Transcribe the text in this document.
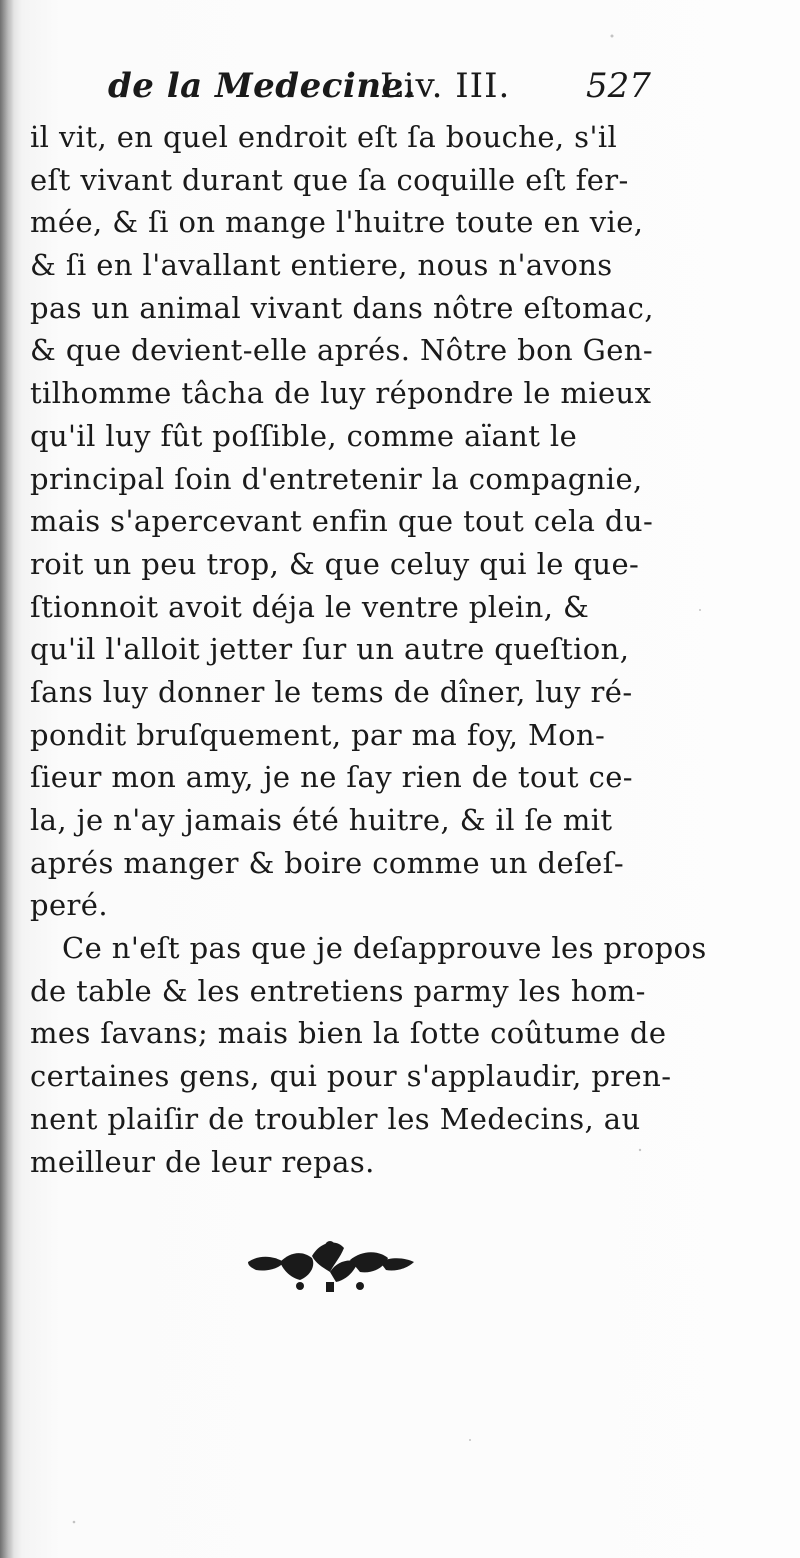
de la Medecine.
Liv. III. 527
il vit, en quel endroit eſt ſa bouche, s'il
eſt vivant durant que ſa coquille eſt fer-
mée, & ſi on mange l'huitre toute en vie,
& ſi en l'avallant entiere, nous n'avons
pas un animal vivant dans nôtre eſtomac,
& que devient-elle aprés. Nôtre bon Gen-
tilhomme tâcha de luy répondre le mieux
qu'il luy fût poſſible, comme aïant le
principal ſoin d'entretenir la compagnie,
mais s'apercevant enfin que tout cela du-
roit un peu trop, & que celuy qui le que-
ſtionnoit avoit déja le ventre plein, &
qu'il l'alloit jetter ſur un autre queſtion,
ſans luy donner le tems de dîner, luy ré-
pondit bruſquement, par ma foy, Mon-
ſieur mon amy, je ne ſay rien de tout ce-
la, je n'ay jamais été huitre, & il ſe mit
aprés manger & boire comme un deſeſ-
peré.
Ce n'eſt pas que je deſapprouve les propos
de table & les entretiens parmy les hom-
mes ſavans; mais bien la ſotte coûtume de
certaines gens, qui pour s'applaudir, pren-
nent plaiſir de troubler les Medecins, au
meilleur de leur repas.
